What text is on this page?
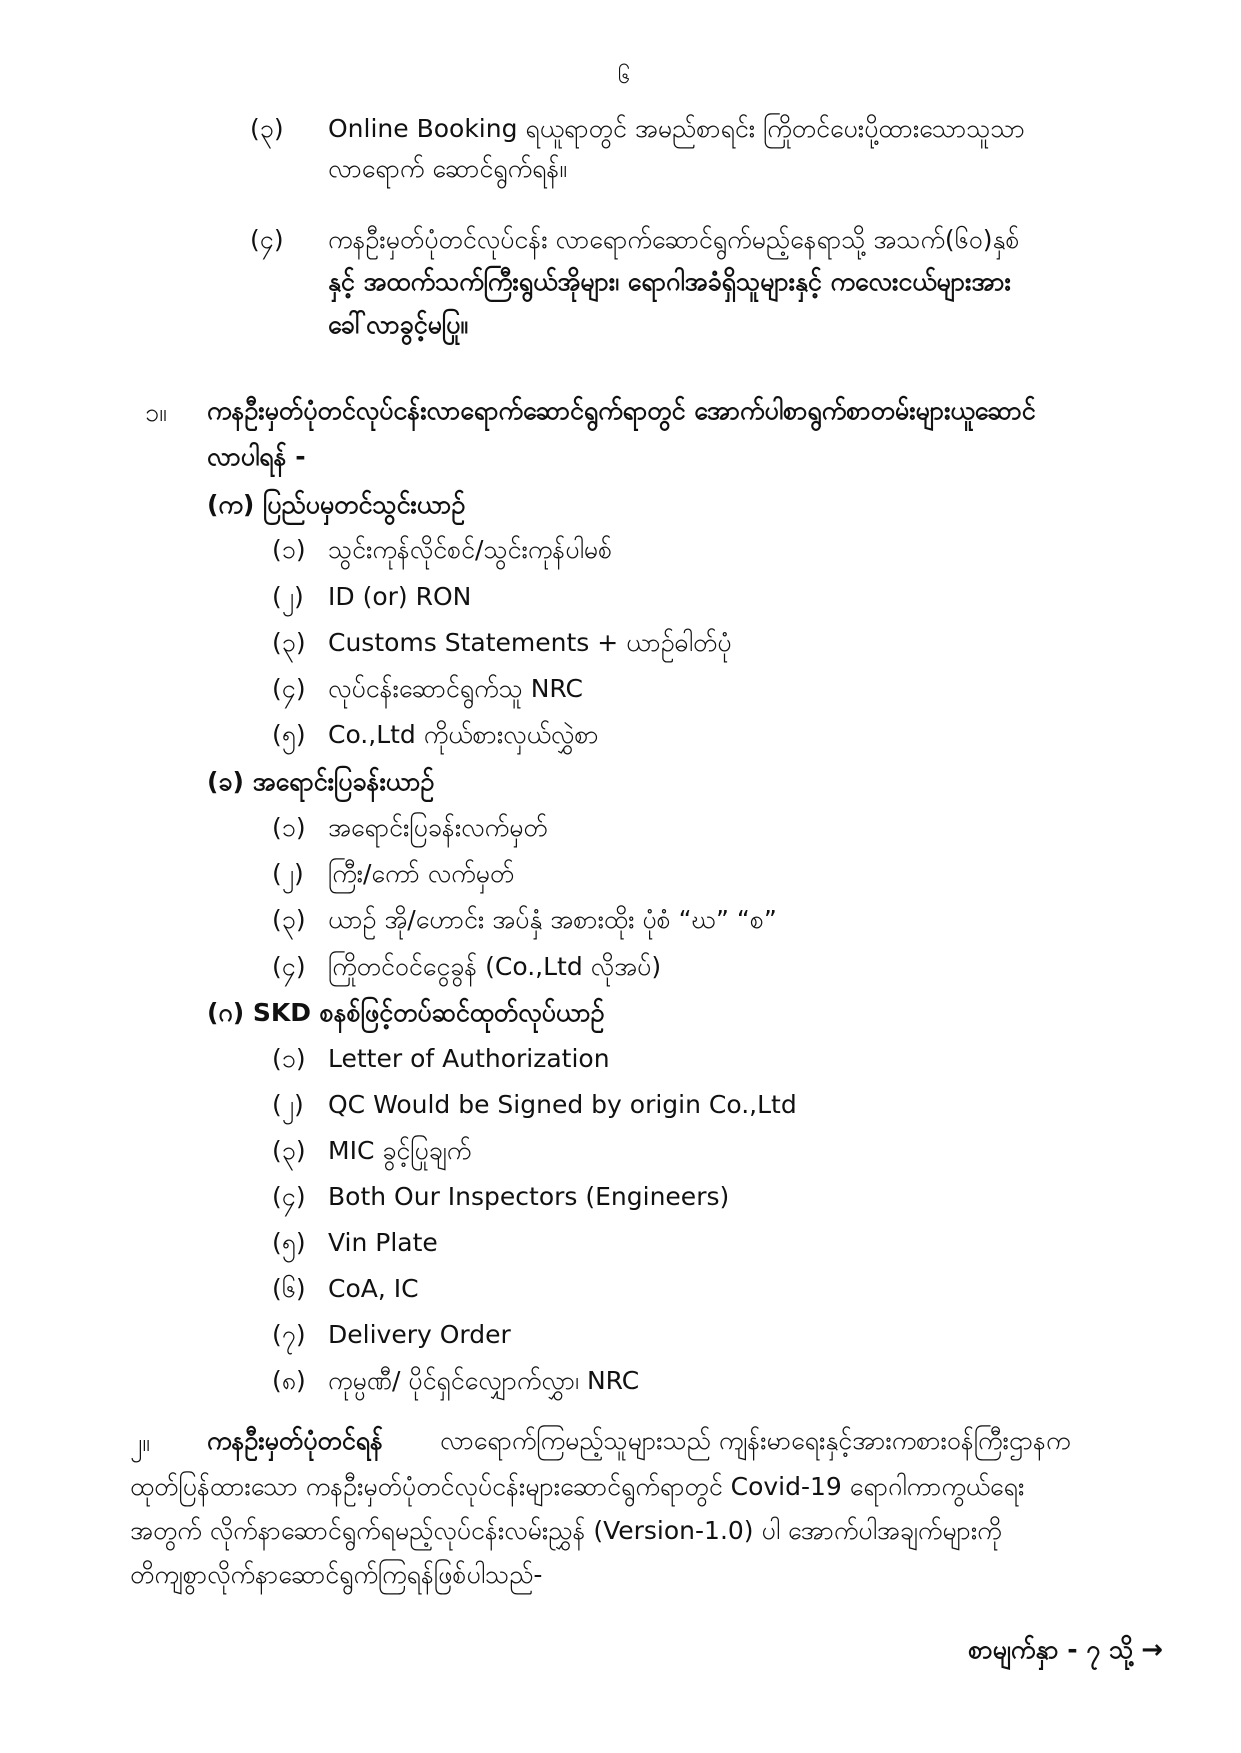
၆
(၃) Online Booking ရယူရာတွင် အမည်စာရင်း ကြိုတင်ပေးပို့ထားသောသူသာ
လာရောက် ဆောင်ရွက်ရန်။
(၄) ကနဦးမှတ်ပုံတင်လုပ်ငန်း လာရောက်ဆောင်ရွက်မည့်နေရာသို့ အသက်(၆၀)နှစ်
နှင့် အထက်သက်ကြီးရွယ်အိုများ၊ ရောဂါအခံရှိသူများနှင့် ကလေးငယ်များအား
ခေါ်လာခွင့်မပြု။
၁။ ကနဦးမှတ်ပုံတင်လုပ်ငန်းလာရောက်ဆောင်ရွက်ရာတွင် အောက်ပါစာရွက်စာတမ်းများယူဆောင်
လာပါရန် -
(က) ပြည်ပမှတင်သွင်းယာဉ်
(၁) သွင်းကုန်လိုင်စင်/သွင်းကုန်ပါမစ်
(၂) ID (or) RON
(၃) Customs Statements + ယာဉ်ဓါတ်ပုံ
(၄) လုပ်ငန်းဆောင်ရွက်သူ NRC
(၅) Co.,Ltd ကိုယ်စားလှယ်လွှဲစာ
(ခ) အရောင်းပြခန်းယာဉ်
(၁) အရောင်းပြခန်းလက်မှတ်
(၂) ကြီး/ကော် လက်မှတ်
(၃) ယာဉ် အို/ဟောင်း အပ်နှံ အစားထိုး ပုံစံ “ဃ” “စ”
(၄) ကြိုတင်ဝင်ငွေခွန် (Co.,Ltd လိုအပ်)
(ဂ) SKD စနစ်ဖြင့်တပ်ဆင်ထုတ်လုပ်ယာဉ်
(၁) Letter of Authorization
(၂) QC Would be Signed by origin Co.,Ltd
(၃) MIC ခွင့်ပြုချက်
(၄) Both Our Inspectors (Engineers)
(၅) Vin Plate
(၆) CoA, IC
(၇) Delivery Order
(၈) ကုမ္ပဏီ/ ပိုင်ရှင်လျှောက်လွှာ၊ NRC
၂။ ကနဦးမှတ်ပုံတင်ရန် လာရောက်ကြမည့်သူများသည် ကျန်းမာရေးနှင့်အားကစားဝန်ကြီးဌာနက
ထုတ်ပြန်ထားသော ကနဦးမှတ်ပုံတင်လုပ်ငန်းများဆောင်ရွက်ရာတွင် Covid-19 ရောဂါကာကွယ်ရေး
အတွက် လိုက်နာဆောင်ရွက်ရမည့်လုပ်ငန်းလမ်းညွှန် (Version-1.0) ပါ အောက်ပါအချက်များကို
တိကျစွာလိုက်နာဆောင်ရွက်ကြရန်ဖြစ်ပါသည်-
စာမျက်နှာ - ၇ သို့ →
